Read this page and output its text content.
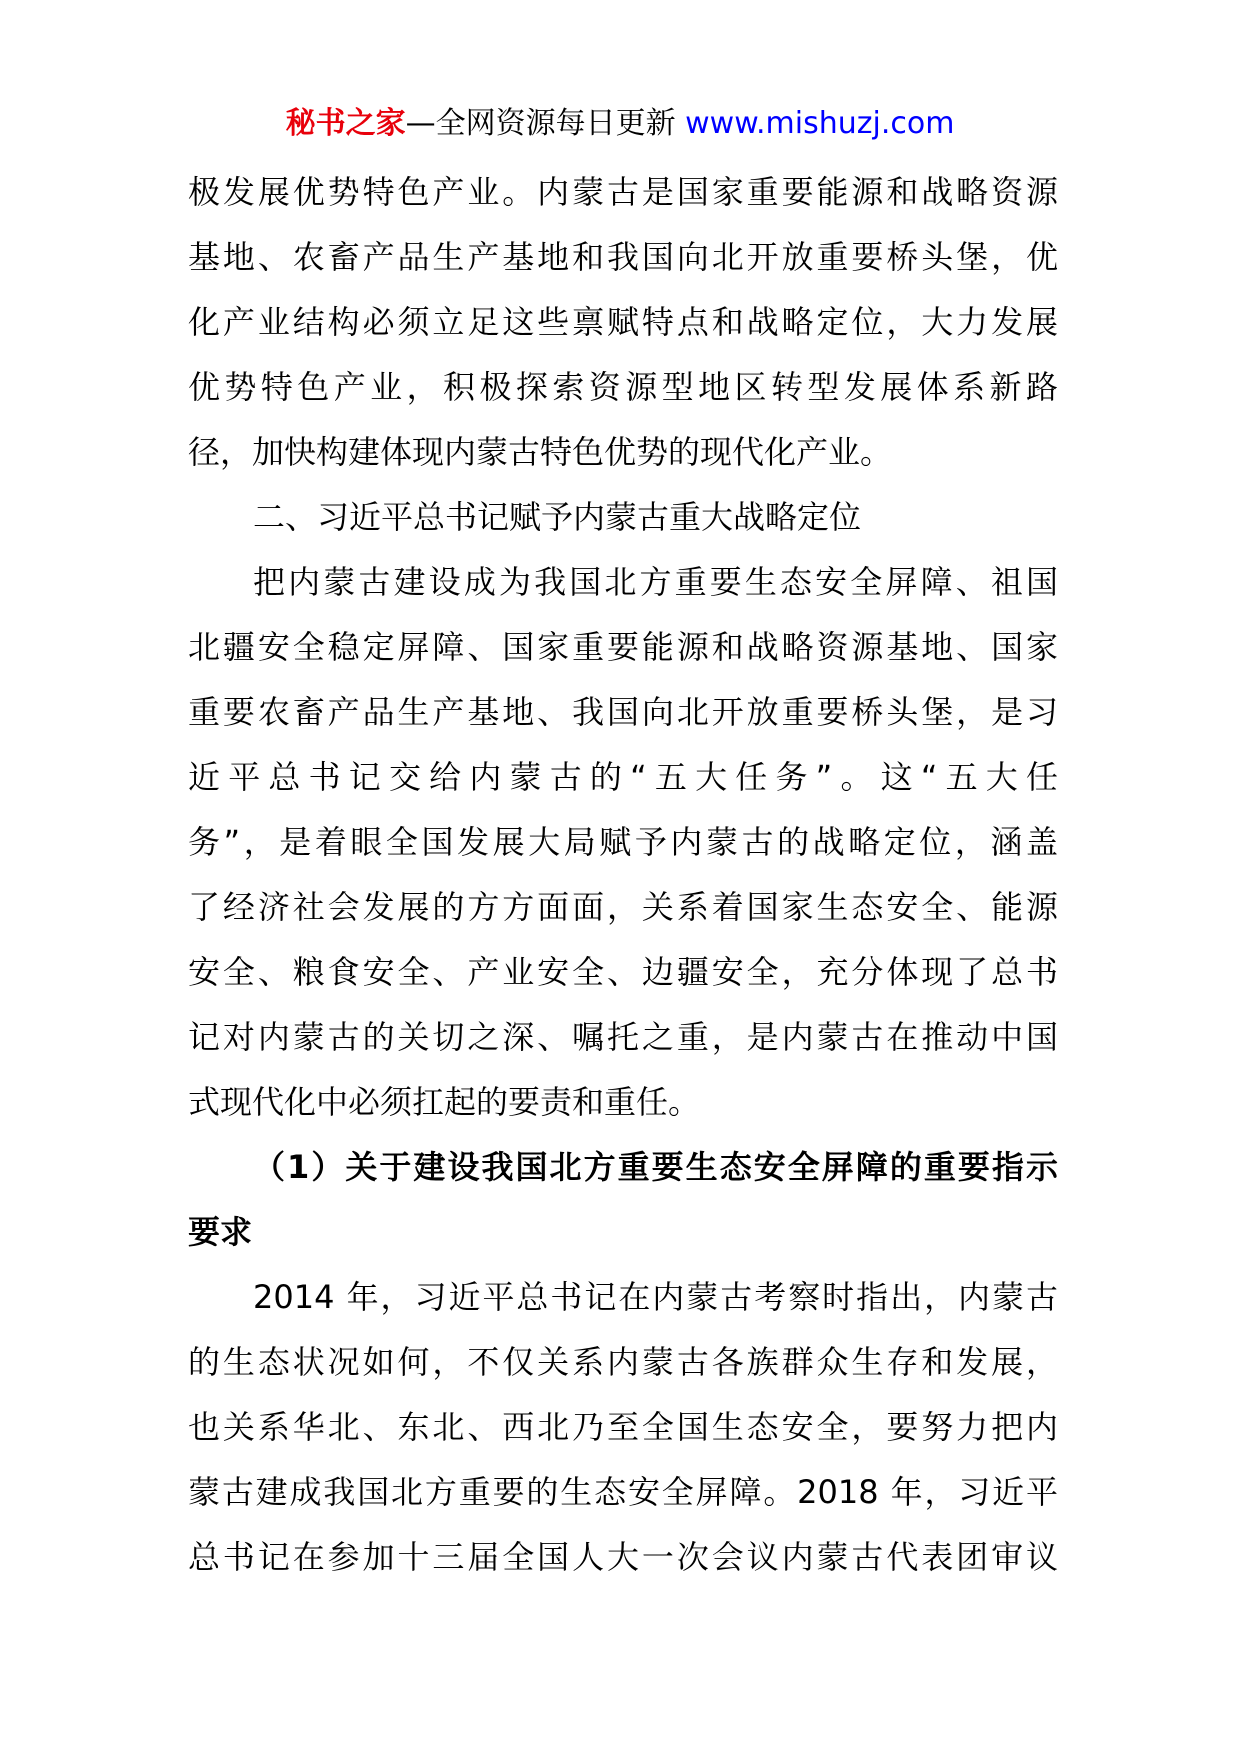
秘书之家—全网资源每日更新 www.mishuzj.com
极发展优势特色产业。内蒙古是国家重要能源和战略资源
基地、农畜产品生产基地和我国向北开放重要桥头堡，优
化产业结构必须立足这些禀赋特点和战略定位，大力发展
优势特色产业，积极探索资源型地区转型发展体系新路
径，加快构建体现内蒙古特色优势的现代化产业。
二、习近平总书记赋予内蒙古重大战略定位
把内蒙古建设成为我国北方重要生态安全屏障、祖国
北疆安全稳定屏障、国家重要能源和战略资源基地、国家
重要农畜产品生产基地、我国向北开放重要桥头堡，是习
近平总书记交给内蒙古的“五大任务”。这“五大任
务”，是着眼全国发展大局赋予内蒙古的战略定位，涵盖
了经济社会发展的方方面面，关系着国家生态安全、能源
安全、粮食安全、产业安全、边疆安全，充分体现了总书
记对内蒙古的关切之深、嘱托之重，是内蒙古在推动中国
式现代化中必须扛起的要责和重任。
（1）关于建设我国北方重要生态安全屏障的重要指示
要求
2014 年，习近平总书记在内蒙古考察时指出，内蒙古
的生态状况如何，不仅关系内蒙古各族群众生存和发展，
也关系华北、东北、西北乃至全国生态安全，要努力把内
蒙古建成我国北方重要的生态安全屏障。2018 年，习近平
总书记在参加十三届全国人大一次会议内蒙古代表团审议
